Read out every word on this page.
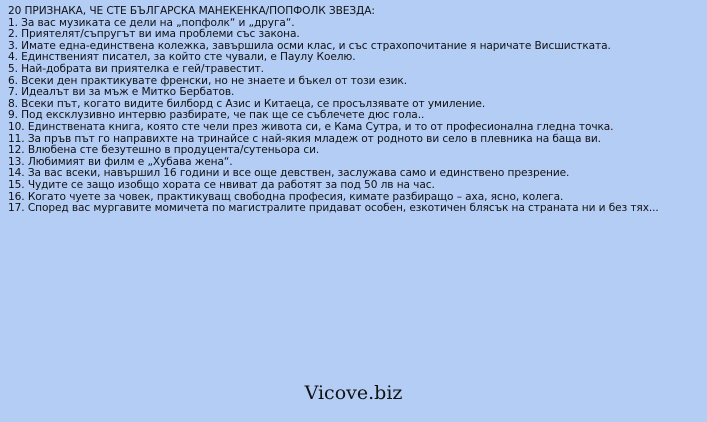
20 ПРИЗНАКА, ЧЕ СТЕ БЪЛГАРСКА МАНЕКЕНКА/ПОПФОЛК ЗВЕЗДА:
1. За вас музиката се дели на „попфолк“ и „друга“.
2. Приятелят/съпругът ви има проблеми със закона.
3. Имате една-единствена колежка, завършила осми клас, и със страхопочитание я наричате Висшистката.
4. Единственият писател, за който сте чували, е Паулу Коелю.
5. Най-добрата ви приятелка е гей/травестит.
6. Всеки ден практикувате френски, но не знаете и бъкел от този език.
7. Идеалът ви за мъж е Митко Бербатов.
8. Всеки път, когато видите билборд с Азис и Китаеца, се просълзявате от умиление.
9. Под ексклузивно интервю разбирате, че пак ще се съблечете дюс гола..
10. Единствената книга, която сте чели през живота си, е Кама Сутра, и то от професионална гледна точка.
11. За пръв път го направихте на тринайсе с най-якия младеж от родното ви село в плевника на баща ви.
12. Влюбена сте безутешно в продуцента/сутеньора си.
13. Любимият ви филм е „Хубава жена“.
14. За вас всеки, навършил 16 години и все още девствен, заслужава само и единствено презрение.
15. Чудите се защо изобщо хората се нвиват да работят за под 50 лв на час.
16. Когато чуете за човек, практикуващ свободна професия, кимате разбиращо – аха, ясно, колега.
17. Според вас мургавите момичета по магистралите придават особен, езкотичен блясък на страната ни и без тях...
Vicove.biz
